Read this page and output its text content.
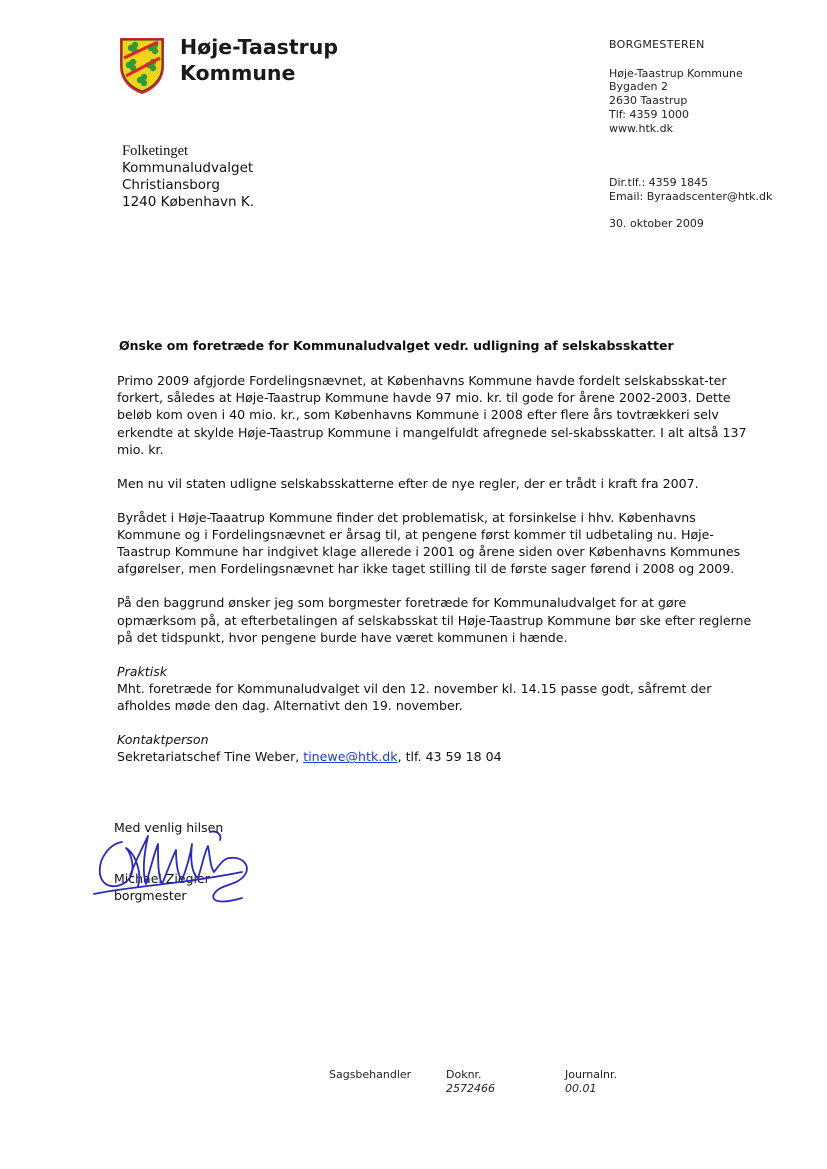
Høje-Taastrup
Kommune
BORGMESTEREN
Høje-Taastrup Kommune
Bygaden 2
2630 Taastrup
Tlf: 4359 1000
www.htk.dk
Dir.tlf.: 4359 1845
Email: Byraadscenter@htk.dk
30. oktober 2009
Folketinget
Kommunaludvalget
Christiansborg
1240 København K.
Ønske om foretræde for Kommunaludvalget vedr. udligning af selskabsskatter

Primo 2009 afgjorde Fordelingsnævnet, at Københavns Kommune havde fordelt selskabsskat-ter forkert, således at Høje-Taastrup Kommune havde 97 mio. kr. til gode for årene 2002-2003. Dette beløb kom oven i 40 mio. kr., som Københavns Kommune i 2008 efter flere års tovtrækkeri selv erkendte at skylde Høje-Taastrup Kommune i mangelfuldt afregnede sel-skabsskatter. I alt altså 137 mio. kr.

Men nu vil staten udligne selskabsskatterne efter de nye regler, der er trådt i kraft fra 2007.

Byrådet i Høje-Taaatrup Kommune finder det problematisk, at forsinkelse i hhv. Københavns Kommune og i Fordelingsnævnet er årsag til, at pengene først kommer til udbetaling nu. Høje-Taastrup Kommune har indgivet klage allerede i 2001 og årene siden over Københavns Kommunes afgørelser, men Fordelingsnævnet har ikke taget stilling til de første sager førend i 2008 og 2009.

På den baggrund ønsker jeg som borgmester foretræde for Kommunaludvalget for at gøre opmærksom på, at efterbetalingen af selskabsskat til Høje-Taastrup Kommune bør ske efter reglerne på det tidspunkt, hvor pengene burde have været kommunen i hænde.

Praktisk
Mht. foretræde for Kommunaludvalget vil den 12. november kl. 14.15 passe godt, såfremt der afholdes møde den dag. Alternativt den 19. november.

Kontaktperson
Sekretariatschef Tine Weber, tinewe@htk.dk, tlf. 43 59 18 04

Med venlig hilsen
Michael Ziegler
borgmester
Sagsbehandler	Doknr.
2572466
Journalnr.
00.01
